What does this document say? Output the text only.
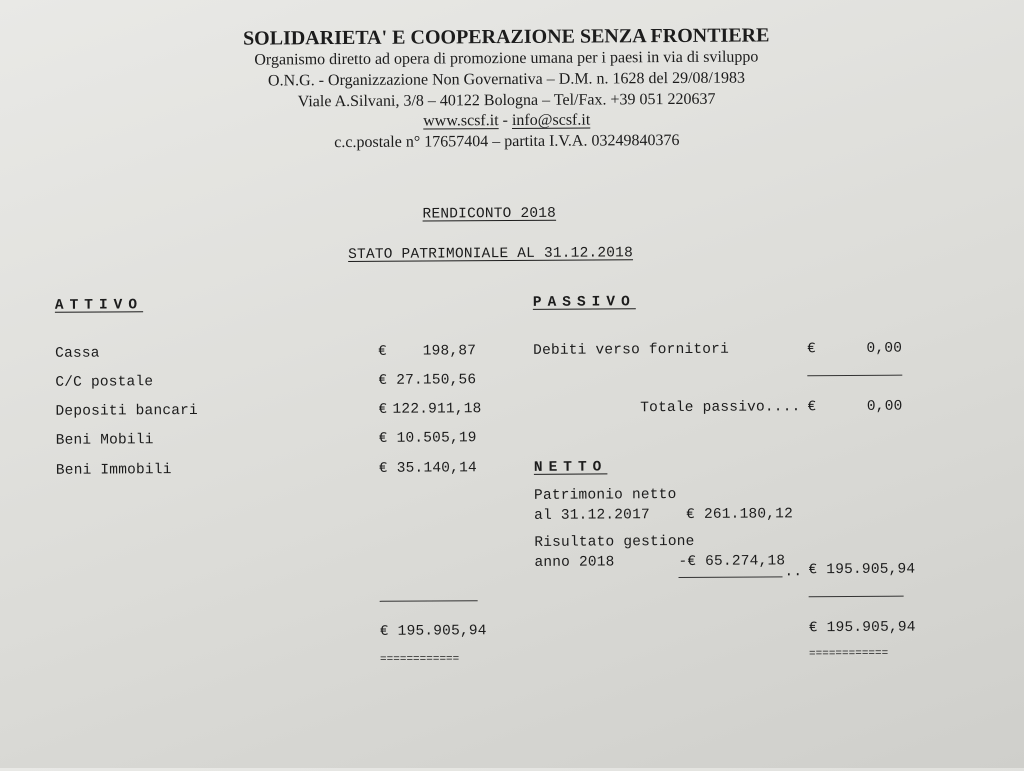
SOLIDARIETA' E COOPERAZIONE SENZA FRONTIERE
Organismo diretto ad opera di promozione umana per i paesi in via di sviluppo
O.N.G. - Organizzazione Non Governativa – D.M. n. 1628 del 29/08/1983
Viale A.Silvani, 3/8 – 40122 Bologna – Tel/Fax. +39 051 220637
www.scsf.it - info@scsf.it
c.c.postale n° 17657404 – partita I.V.A. 03249840376
RENDICONTO 2018
STATO PATRIMONIALE AL 31.12.2018
ATTIVO
Cassa	€	198,87
C/C postale	€ 27.150,56
Depositi bancari	€ 122.911,18
Beni Mobili	€ 10.505,19
Beni Immobili	€ 35.140,14
€ 195.905,94
============
PASSIVO
Debiti verso fornitori	€	0,00
Totale passivo.... €	0,00
NETTO
Patrimonio netto
al 31.12.2017 € 261.180,12
Risultato gestione
anno 2018	-€ 65.274,18
.. € 195.905,94
€ 195.905,94
============
